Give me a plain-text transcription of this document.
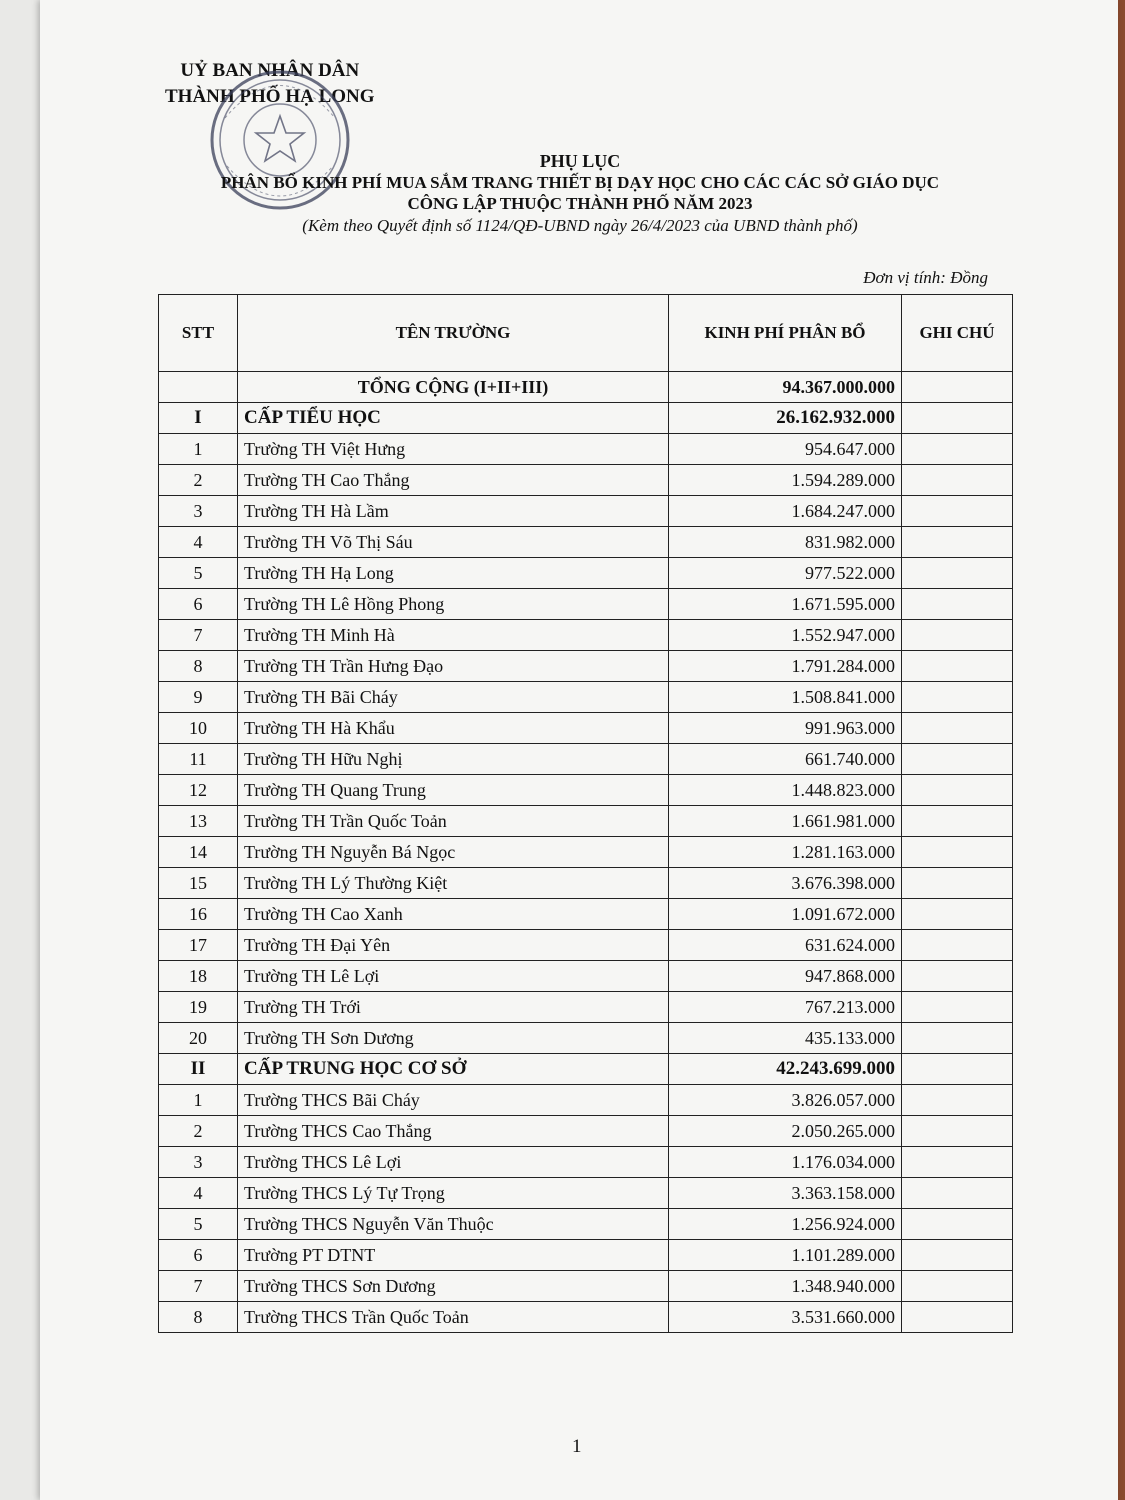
UỶ BAN NHÂN DÂN
THÀNH PHỐ HẠ LONG
PHỤ LỤC
PHÂN BỔ KINH PHÍ MUA SẮM TRANG THIẾT BỊ DẠY HỌC CHO CÁC CÁC SỞ GIÁO DỤC
CÔNG LẬP THUỘC THÀNH PHỐ NĂM 2023
(Kèm theo Quyết định số 1124/QĐ-UBND ngày 26/4/2023 của UBND thành phố)
Đơn vị tính: Đồng
STT	TÊN TRƯỜNG	KINH PHÍ PHÂN BỔ	GHI CHÚ
	TỔNG CỘNG (I+II+III)	94.367.000.000	
I	CẤP TIỂU HỌC	26.162.932.000	
1	Trường TH Việt Hưng	954.647.000	
2	Trường TH Cao Thắng	1.594.289.000	
3	Trường TH Hà Lầm	1.684.247.000	
4	Trường TH Võ Thị Sáu	831.982.000	
5	Trường TH Hạ Long	977.522.000	
6	Trường TH Lê Hồng Phong	1.671.595.000	
7	Trường TH Minh Hà	1.552.947.000	
8	Trường TH Trần Hưng Đạo	1.791.284.000	
9	Trường TH Bãi Cháy	1.508.841.000	
10	Trường TH Hà Khẩu	991.963.000	
11	Trường TH Hữu Nghị	661.740.000	
12	Trường TH Quang Trung	1.448.823.000	
13	Trường TH Trần Quốc Toản	1.661.981.000	
14	Trường TH Nguyễn Bá Ngọc	1.281.163.000	
15	Trường TH Lý Thường Kiệt	3.676.398.000	
16	Trường TH Cao Xanh	1.091.672.000	
17	Trường TH Đại Yên	631.624.000	
18	Trường TH Lê Lợi	947.868.000	
19	Trường TH Trới	767.213.000	
20	Trường TH Sơn Dương	435.133.000	
II	CẤP TRUNG HỌC CƠ SỞ	42.243.699.000	
1	Trường THCS Bãi Cháy	3.826.057.000	
2	Trường THCS Cao Thắng	2.050.265.000	
3	Trường THCS Lê Lợi	1.176.034.000	
4	Trường THCS Lý Tự Trọng	3.363.158.000	
5	Trường THCS Nguyễn Văn Thuộc	1.256.924.000	
6	Trường PT DTNT	1.101.289.000	
7	Trường THCS Sơn Dương	1.348.940.000	
8	Trường THCS Trần Quốc Toản	3.531.660.000	
1
